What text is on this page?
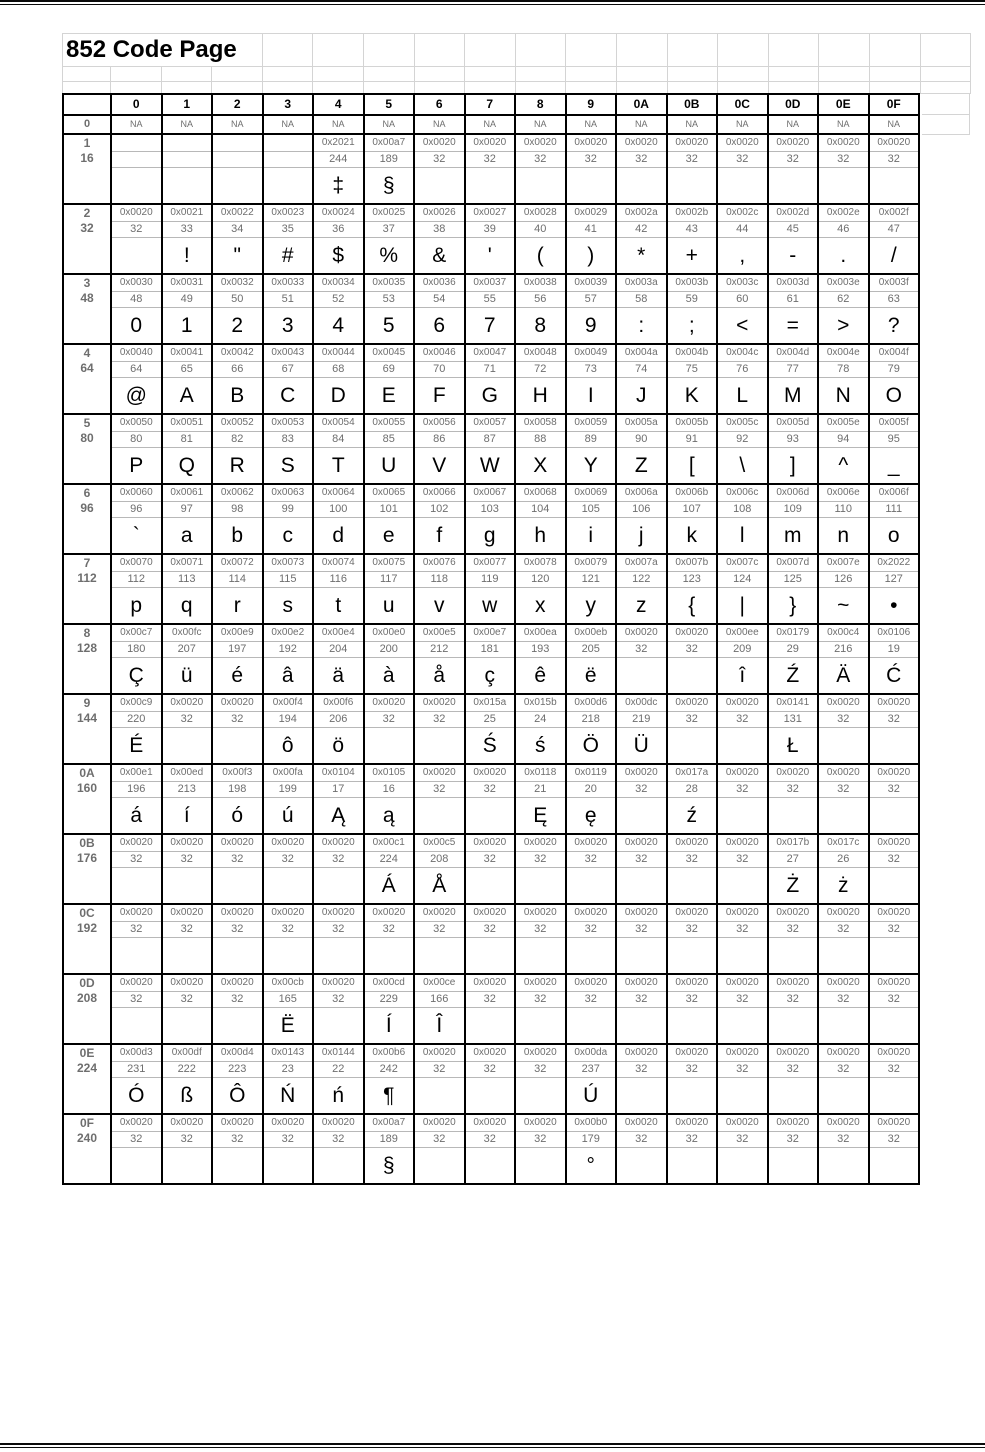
852 Code Page
	0	1	2	3	4	5	6	7	8	9	0A	0B	0C	0D	0E	0F
0	NA	NA	NA	NA	NA	NA	NA	NA	NA	NA	NA	NA	NA	NA	NA	NA

1
16					0x2021	0x00a7	0x0020	0x0020	0x0020	0x0020	0x0020	0x0020	0x0020	0x0020	0x0020	0x0020
					244	189	32	32	32	32	32	32	32	32	32	32
					‡	§										

2
32	0x0020	0x0021	0x0022	0x0023	0x0024	0x0025	0x0026	0x0027	0x0028	0x0029	0x002a	0x002b	0x002c	0x002d	0x002e	0x002f
	32	33	34	35	36	37	38	39	40	41	42	43	44	45	46	47
		!	"	#	$	%	&	'	(	)	*	+	,	-	.	/

3
48	0x0030	0x0031	0x0032	0x0033	0x0034	0x0035	0x0036	0x0037	0x0038	0x0039	0x003a	0x003b	0x003c	0x003d	0x003e	0x003f
	48	49	50	51	52	53	54	55	56	57	58	59	60	61	62	63
	0	1	2	3	4	5	6	7	8	9	:	;	<	=	>	?

4
64	0x0040	0x0041	0x0042	0x0043	0x0044	0x0045	0x0046	0x0047	0x0048	0x0049	0x004a	0x004b	0x004c	0x004d	0x004e	0x004f
	64	65	66	67	68	69	70	71	72	73	74	75	76	77	78	79
	@	A	B	C	D	E	F	G	H	I	J	K	L	M	N	O

5
80	0x0050	0x0051	0x0052	0x0053	0x0054	0x0055	0x0056	0x0057	0x0058	0x0059	0x005a	0x005b	0x005c	0x005d	0x005e	0x005f
	80	81	82	83	84	85	86	87	88	89	90	91	92	93	94	95
	P	Q	R	S	T	U	V	W	X	Y	Z	[	\	]	^	_

6
96	0x0060	0x0061	0x0062	0x0063	0x0064	0x0065	0x0066	0x0067	0x0068	0x0069	0x006a	0x006b	0x006c	0x006d	0x006e	0x006f
	96	97	98	99	100	101	102	103	104	105	106	107	108	109	110	111
	`	a	b	c	d	e	f	g	h	i	j	k	l	m	n	o

7
112	0x0070	0x0071	0x0072	0x0073	0x0074	0x0075	0x0076	0x0077	0x0078	0x0079	0x007a	0x007b	0x007c	0x007d	0x007e	0x2022
	112	113	114	115	116	117	118	119	120	121	122	123	124	125	126	127
	p	q	r	s	t	u	v	w	x	y	z	{	|	}	~	•

8
128	0x00c7	0x00fc	0x00e9	0x00e2	0x00e4	0x00e0	0x00e5	0x00e7	0x00ea	0x00eb	0x0020	0x0020	0x00ee	0x0179	0x00c4	0x0106
	180	207	197	192	204	200	212	181	193	205	32	32	209	29	216	19
	Ç	ü	é	â	ä	à	å	ç	ê	ë			î	Ź	Ä	Ć

9
144	0x00c9	0x0020	0x0020	0x00f4	0x00f6	0x0020	0x0020	0x015a	0x015b	0x00d6	0x00dc	0x0020	0x0020	0x0141	0x0020	0x0020
	220	32	32	194	206	32	32	25	24	218	219	32	32	131	32	32
	É			ô	ö			Ś	ś	Ö	Ü			Ł		

0A
160	0x00e1	0x00ed	0x00f3	0x00fa	0x0104	0x0105	0x0020	0x0020	0x0118	0x0119	0x0020	0x017a	0x0020	0x0020	0x0020	0x0020
	196	213	198	199	17	16	32	32	21	20	32	28	32	32	32	32
	á	í	ó	ú	Ą	ą			Ę	ę		ź				

0B
176	0x0020	0x0020	0x0020	0x0020	0x0020	0x00c1	0x00c5	0x0020	0x0020	0x0020	0x0020	0x0020	0x0020	0x017b	0x017c	0x0020
	32	32	32	32	32	224	208	32	32	32	32	32	32	27	26	32
						Á	Å							Ż	ż	

0C
192	0x0020	0x0020	0x0020	0x0020	0x0020	0x0020	0x0020	0x0020	0x0020	0x0020	0x0020	0x0020	0x0020	0x0020	0x0020	0x0020
	32	32	32	32	32	32	32	32	32	32	32	32	32	32	32	32

0D
208	0x0020	0x0020	0x0020	0x00cb	0x0020	0x00cd	0x00ce	0x0020	0x0020	0x0020	0x0020	0x0020	0x0020	0x0020	0x0020	0x0020
	32	32	32	165	32	229	166	32	32	32	32	32	32	32	32	32
				Ë		Í	Î									

0E
224	0x00d3	0x00df	0x00d4	0x0143	0x0144	0x00b6	0x0020	0x0020	0x0020	0x00da	0x0020	0x0020	0x0020	0x0020	0x0020	0x0020
	231	222	223	23	22	242	32	32	32	237	32	32	32	32	32	32
	Ó	ß	Ô	Ń	ń	¶				Ú						

0F
240	0x0020	0x0020	0x0020	0x0020	0x0020	0x00a7	0x0020	0x0020	0x0020	0x00b0	0x0020	0x0020	0x0020	0x0020	0x0020	0x0020
	32	32	32	32	32	189	32	32	32	179	32	32	32	32	32	32
						§				°						
